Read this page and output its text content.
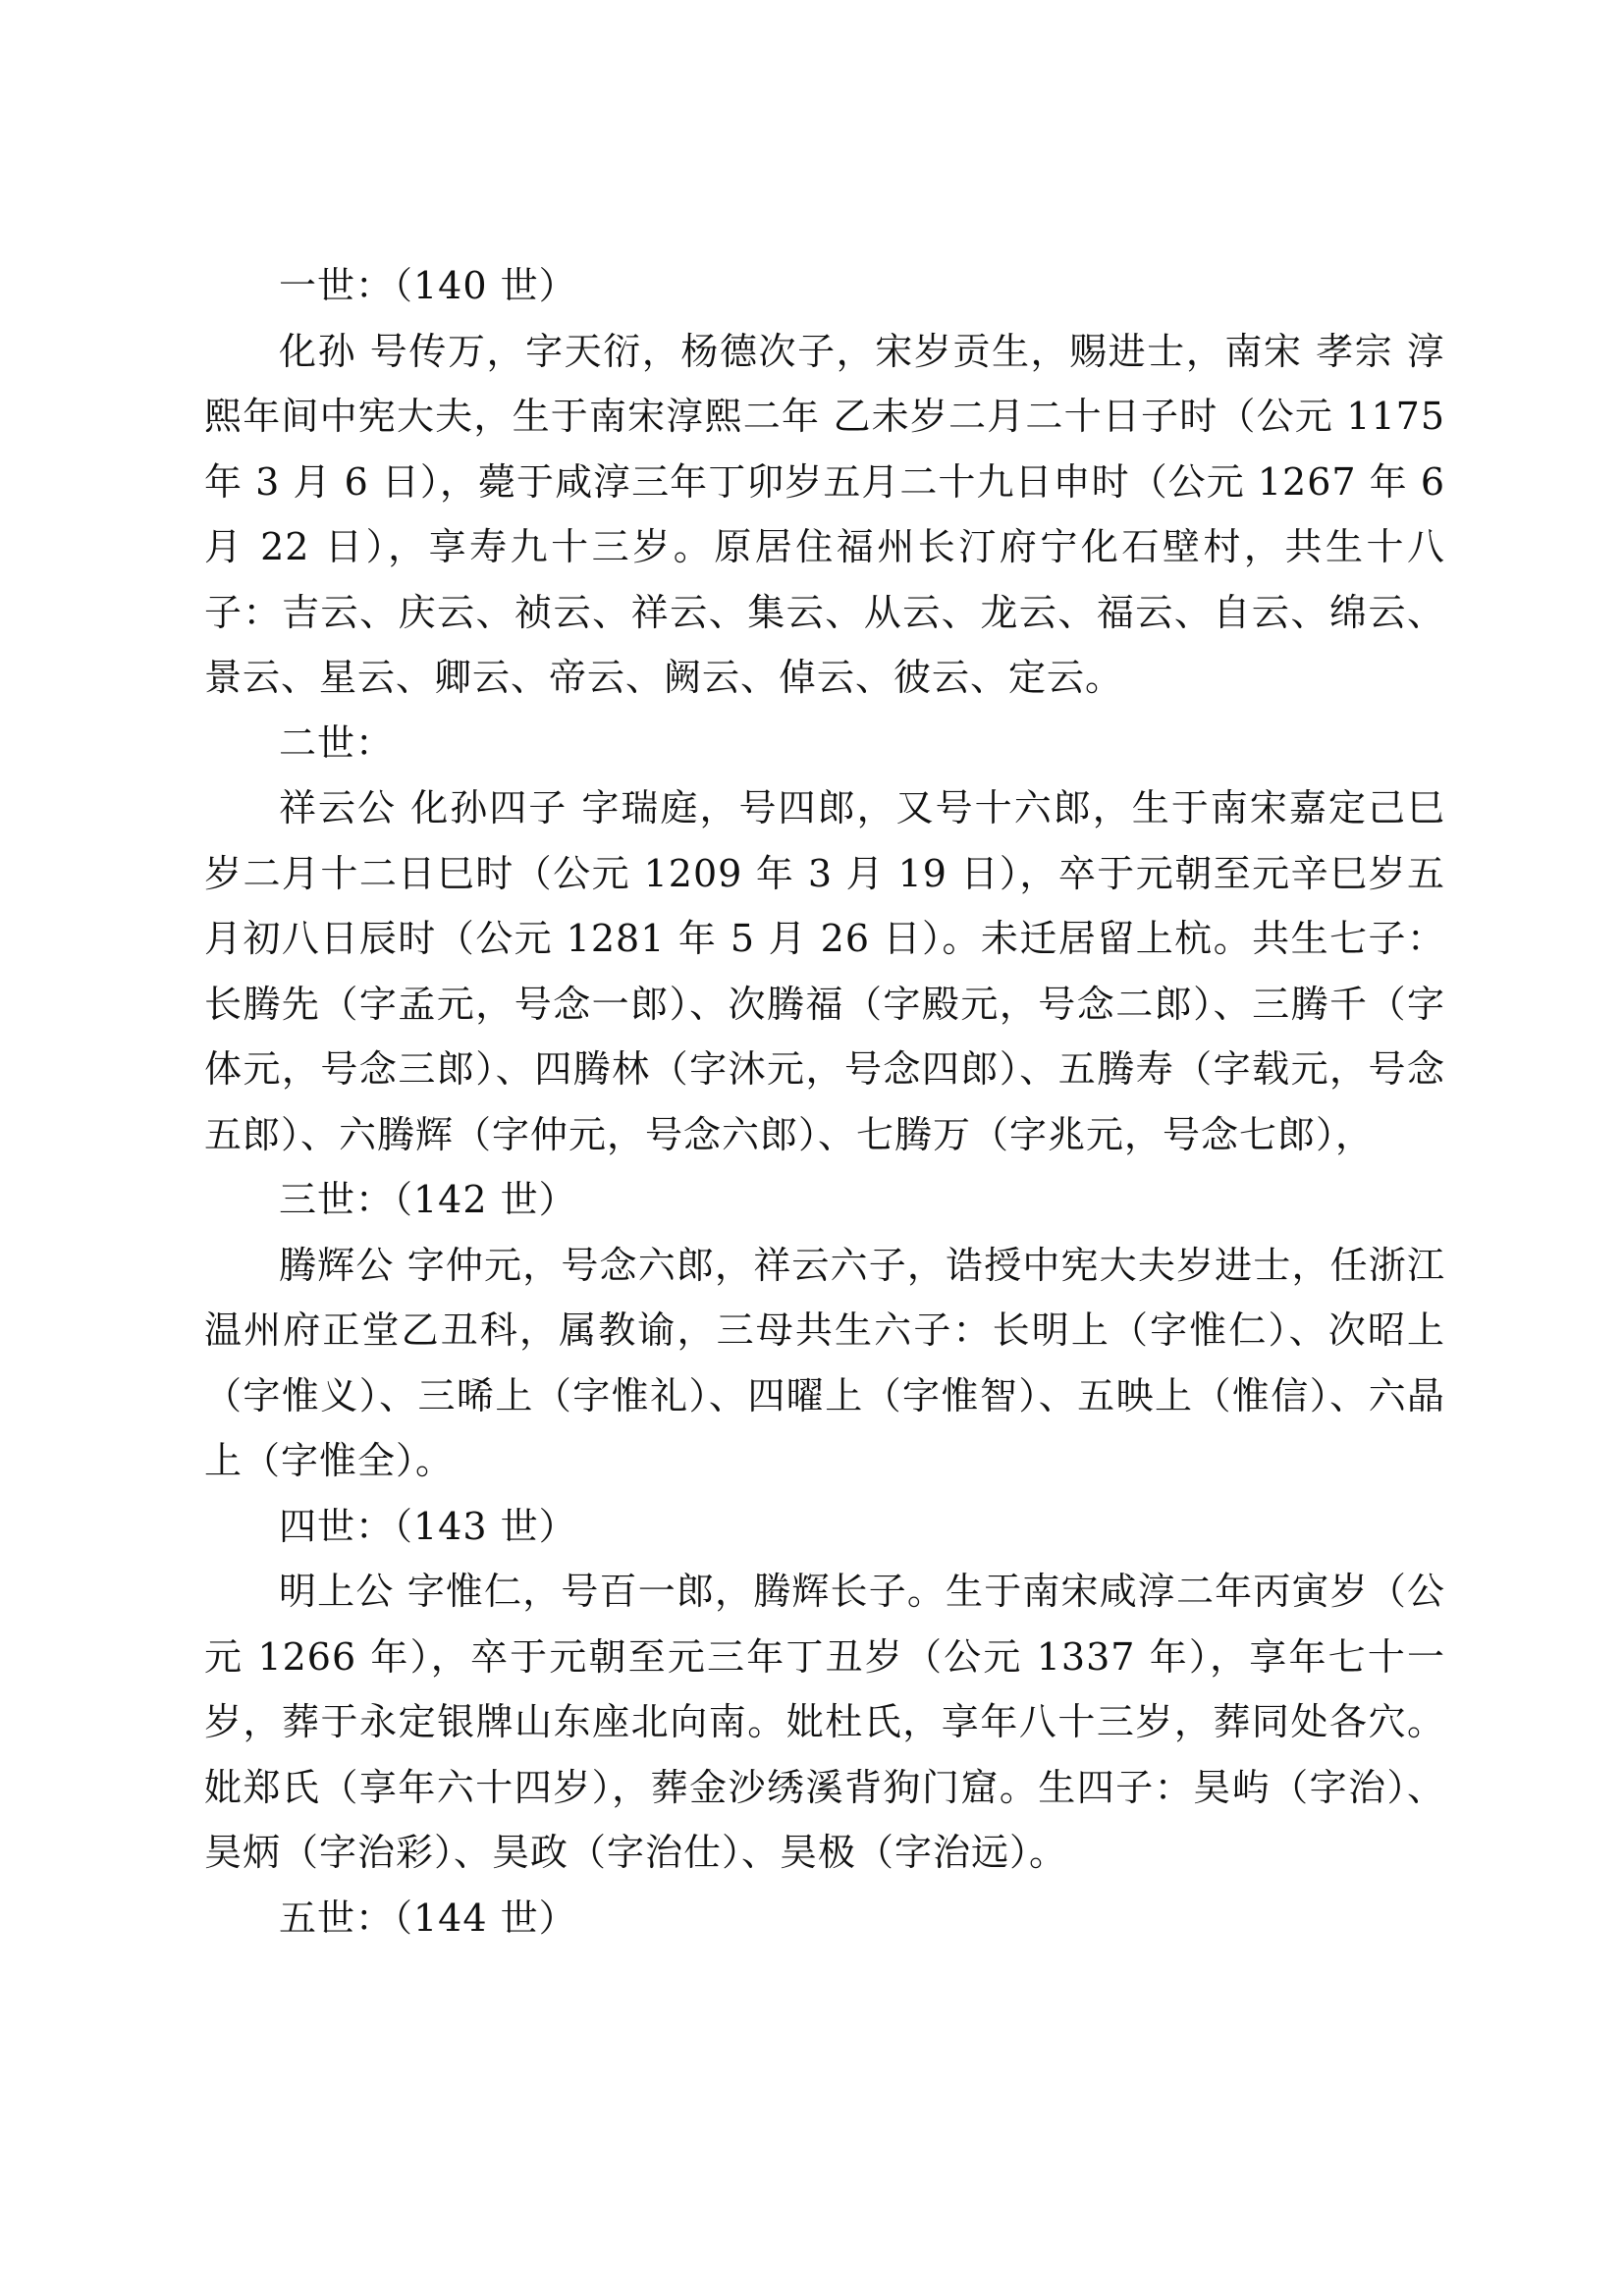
一世：（140 世）

化孙 号传万，字天衍，杨德次子，宋岁贡生，赐进士，南宋 孝宗 淳熙年间中宪大夫，生于南宋淳熙二年 乙未岁二月二十日子时（公元 1175 年 3 月 6 日），薨于咸淳三年丁卯岁五月二十九日申时（公元 1267 年 6 月 22 日），享寿九十三岁。原居住福州长汀府宁化石壁村，共生十八子：吉云、庆云、祯云、祥云、集云、从云、龙云、福云、自云、绵云、景云、星云、卿云、帝云、阙云、倬云、彼云、定云。

二世：

祥云公 化孙四子 字瑞庭，号四郎，又号十六郎，生于南宋嘉定己巳岁二月十二日巳时（公元 1209 年 3 月 19 日），卒于元朝至元辛巳岁五月初八日辰时（公元 1281 年 5 月 26 日）。未迁居留上杭。共生七子：长腾先（字孟元，号念一郎）、次腾福（字殿元，号念二郎）、三腾千（字体元，号念三郎）、四腾林（字沐元，号念四郎）、五腾寿（字载元，号念五郎）、六腾辉（字仲元，号念六郎）、七腾万（字兆元，号念七郎），

三世：（142 世）

腾辉公 字仲元，号念六郎，祥云六子，诰授中宪大夫岁进士，任浙江温州府正堂乙丑科，属教谕，三母共生六子：长明上（字惟仁）、次昭上（字惟义）、三晞上（字惟礼）、四曜上（字惟智）、五映上（惟信）、六晶上（字惟全）。

四世：（143 世）

明上公 字惟仁，号百一郎，腾辉长子。生于南宋咸淳二年丙寅岁（公元 1266 年），卒于元朝至元三年丁丑岁（公元 1337 年），享年七十一岁，葬于永定银牌山东座北向南。妣杜氏，享年八十三岁，葬同处各穴。妣郑氏（享年六十四岁），葬金沙绣溪背狗门窟。生四子：昊屿（字治）、昊炳（字治彩）、昊政（字治仕）、昊极（字治远）。

五世：（144 世）
